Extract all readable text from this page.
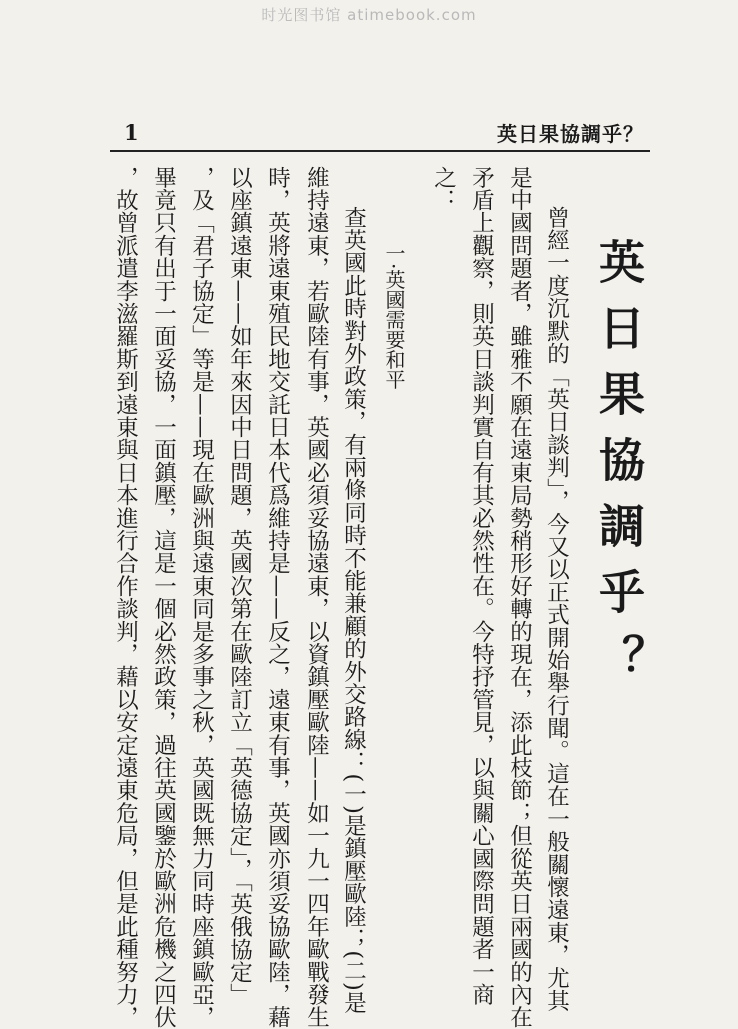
时光图书馆 atimebook.com
1	英日果協調乎？
英日果協調乎？
曾經一度沉默的「英日談判」，今又以正式開始舉行聞。這在一般關懷遠東，尤其
是中國問題者，雖雅不願在遠東局勢稍形好轉的現在，添此枝節；但從英日兩國的內在
矛盾上觀察，則英日談判實自有其必然性在。今特抒管見，以與關心國際問題者一商
之：
一·英國需要和平
查英國此時對外政策，有兩條同時不能兼顧的外交路線：(一)是鎮壓歐陸；(二)是
維持遠東，若歐陸有事，英國必須妥協遠東，以資鎮壓歐陸——如一九一四年歐戰發生
時，英將遠東殖民地交託日本代爲維持是——反之，遠東有事，英國亦須妥協歐陸，藉
以座鎮遠東——如年來因中日問題，英國次第在歐陸訂立「英德協定」，「英俄協定」
，及「君子協定」等是——現在歐洲與遠東同是多事之秋，英國既無力同時座鎮歐亞，
畢竟只有出于一面妥協，一面鎮壓，這是一個必然政策，過往英國鑒於歐洲危機之四伏
，故曾派遣李滋羅斯到遠東與日本進行合作談判，藉以安定遠東危局，但是此種努力，
